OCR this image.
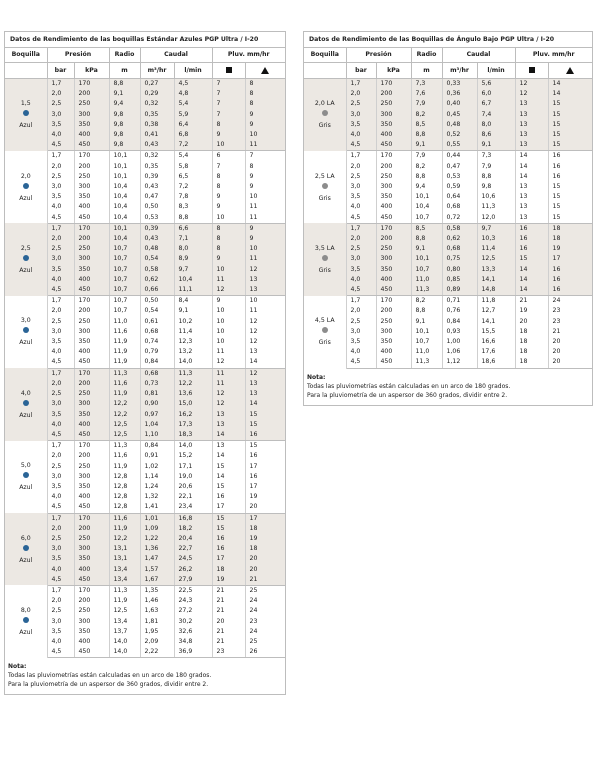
Datos de Rendimiento de las boquillas Estándar Azules PGP Ultra / I-20
Boquilla	Presión		Radio	Caudal		Pluv. mm/hr	
	bar	kPa	m	m³/hr	l/min		

1,5
Azul	1,7	170	8,8	0,27	4,5	7	8
	2,0	200	9,1	0,29	4,8	7	8
	2,5	250	9,4	0,32	5,4	7	8
	3,0	300	9,8	0,35	5,9	7	9
	3,5	350	9,8	0,38	6,4	8	9
	4,0	400	9,8	0,41	6,8	9	10
	4,5	450	9,8	0,43	7,2	10	11

2,0
Azul	1,7	170	10,1	0,32	5,4	6	7
	2,0	200	10,1	0,35	5,8	7	8
	2,5	250	10,1	0,39	6,5	8	9
	3,0	300	10,4	0,43	7,2	8	9
	3,5	350	10,4	0,47	7,8	9	10
	4,0	400	10,4	0,50	8,3	9	11
	4,5	450	10,4	0,53	8,8	10	11

2,5
Azul	1,7	170	10,1	0,39	6,6	8	9
	2,0	200	10,4	0,43	7,1	8	9
	2,5	250	10,7	0,48	8,0	8	10
	3,0	300	10,7	0,54	8,9	9	11
	3,5	350	10,7	0,58	9,7	10	12
	4,0	400	10,7	0,62	10,4	11	13
	4,5	450	10,7	0,66	11,1	12	13

3,0
Azul	1,7	170	10,7	0,50	8,4	9	10
	2,0	200	10,7	0,54	9,1	10	11
	2,5	250	11,0	0,61	10,2	10	12
	3,0	300	11,6	0,68	11,4	10	12
	3,5	350	11,9	0,74	12,3	10	12
	4,0	400	11,9	0,79	13,2	11	13
	4,5	450	11,9	0,84	14,0	12	14

4,0
Azul	1,7	170	11,3	0,68	11,3	11	12
	2,0	200	11,6	0,73	12,2	11	13
	2,5	250	11,9	0,81	13,6	12	13
	3,0	300	12,2	0,90	15,0	12	14
	3,5	350	12,2	0,97	16,2	13	15
	4,0	400	12,5	1,04	17,3	13	15
	4,5	450	12,5	1,10	18,3	14	16

5,0
Azul	1,7	170	11,3	0,84	14,0	13	15
	2,0	200	11,6	0,91	15,2	14	16
	2,5	250	11,9	1,02	17,1	15	17
	3,0	300	12,8	1,14	19,0	14	16
	3,5	350	12,8	1,24	20,6	15	17
	4,0	400	12,8	1,32	22,1	16	19
	4,5	450	12,8	1,41	23,4	17	20

6,0
Azul	1,7	170	11,6	1,01	16,8	15	17
	2,0	200	11,9	1,09	18,2	15	18
	2,5	250	12,2	1,22	20,4	16	19
	3,0	300	13,1	1,36	22,7	16	18
	3,5	350	13,1	1,47	24,5	17	20
	4,0	400	13,4	1,57	26,2	18	20
	4,5	450	13,4	1,67	27,9	19	21

8,0
Azul	1,7	170	11,3	1,35	22,5	21	25
	2,0	200	11,9	1,46	24,3	21	24
	2,5	250	12,5	1,63	27,2	21	24
	3,0	300	13,4	1,81	30,2	20	23
	3,5	350	13,7	1,95	32,6	21	24
	4,0	400	14,0	2,09	34,8	21	25
	4,5	450	14,0	2,22	36,9	23	26
Nota:
Todas las pluviometrías están calculadas en un arco de 180 grados.
Para la pluviometría de un aspersor de 360 grados, dividir entre 2.
Datos de Rendimiento de las Boquillas de Ángulo Bajo PGP Ultra / I-20
Boquilla	Presión		Radio	Caudal		Pluv. mm/hr	
	bar	kPa	m	m³/hr	l/min		

2,0 LA
Gris	1,7	170	7,3	0,33	5,6	12	14
	2,0	200	7,6	0,36	6,0	12	14
	2,5	250	7,9	0,40	6,7	13	15
	3,0	300	8,2	0,45	7,4	13	15
	3,5	350	8,5	0,48	8,0	13	15
	4,0	400	8,8	0,52	8,6	13	15
	4,5	450	9,1	0,55	9,1	13	15

2,5 LA
Gris	1,7	170	7,9	0,44	7,3	14	16
	2,0	200	8,2	0,47	7,9	14	16
	2,5	250	8,8	0,53	8,8	14	16
	3,0	300	9,4	0,59	9,8	13	15
	3,5	350	10,1	0,64	10,6	13	15
	4,0	400	10,4	0,68	11,3	13	15
	4,5	450	10,7	0,72	12,0	13	15

3,5 LA
Gris	1,7	170	8,5	0,58	9,7	16	18
	2,0	200	8,8	0,62	10,3	16	18
	2,5	250	9,1	0,68	11,4	16	19
	3,0	300	10,1	0,75	12,5	15	17
	3,5	350	10,7	0,80	13,3	14	16
	4,0	400	11,0	0,85	14,1	14	16
	4,5	450	11,3	0,89	14,8	14	16

4,5 LA
Gris	1,7	170	8,2	0,71	11,8	21	24
	2,0	200	8,8	0,76	12,7	19	23
	2,5	250	9,1	0,84	14,1	20	23
	3,0	300	10,1	0,93	15,5	18	21
	3,5	350	10,7	1,00	16,6	18	20
	4,0	400	11,0	1,06	17,6	18	20
	4,5	450	11,3	1,12	18,6	18	20
Nota:
Todas las pluviometrías están calculadas en un arco de 180 grados.
Para la pluviometría de un aspersor de 360 grados, dividir entre 2.
